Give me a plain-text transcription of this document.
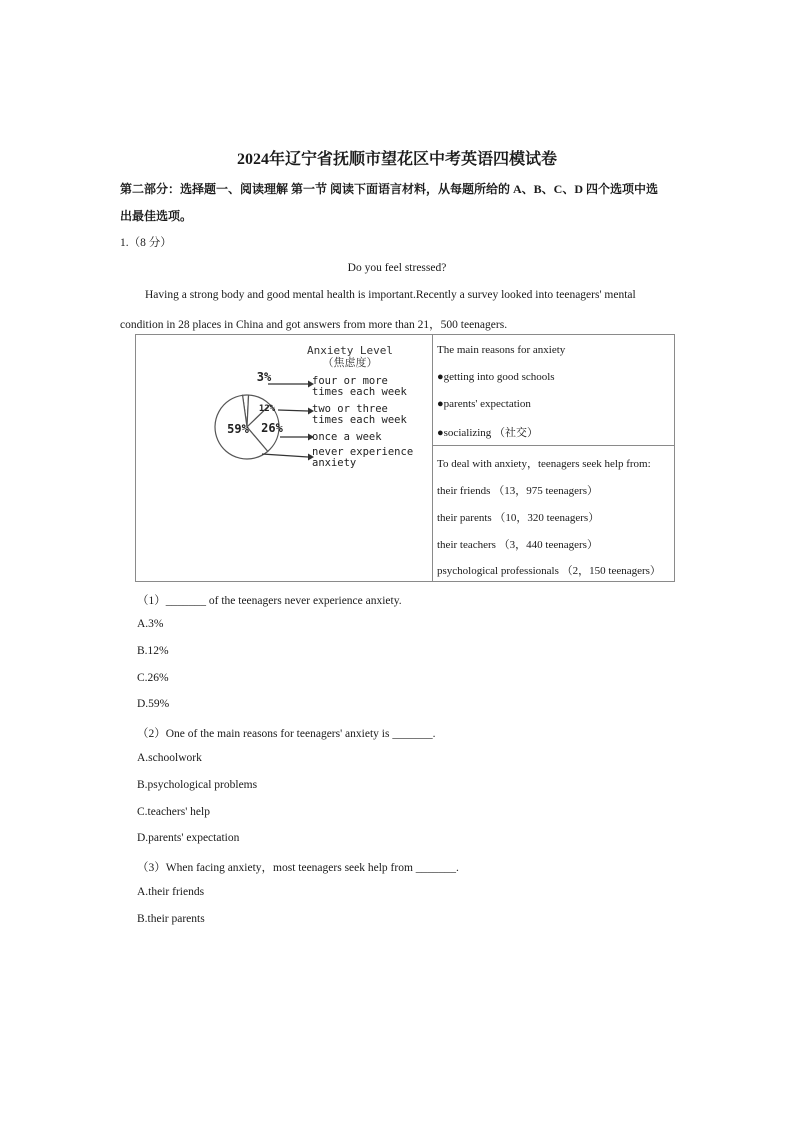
2024年辽宁省抚顺市望花区中考英语四模试卷
第二部分：选择题一、阅读理解 第一节 阅读下面语言材料，从每题所给的 A、B、C、D 四个选项中选
出最佳选项。
1.（8 分）
Do you feel stressed?
Having a strong body and good mental health is important.Recently a survey looked into teenagers' mental
condition in 28 places in China and got answers from more than 21，500 teenagers.
Anxiety Level
（焦虑度）
3%
12%
26%
59%
four or more
times each week
two or three
times each week
once a week
never experience
anxiety
The main reasons for anxiety
●getting into good schools
●parents' expectation
●socializing （社交）
To deal with anxiety，teenagers seek help from:
their friends （13，975 teenagers）
their parents （10，320 teenagers）
their teachers （3，440 teenagers）
psychological professionals （2，150 teenagers）
（1）_______ of the teenagers never experience anxiety.
A.3%
B.12%
C.26%
D.59%
（2）One of the main reasons for teenagers' anxiety is _______.
A.schoolwork
B.psychological problems
C.teachers' help
D.parents' expectation
（3）When facing anxiety，most teenagers seek help from _______.
A.their friends
B.their parents
